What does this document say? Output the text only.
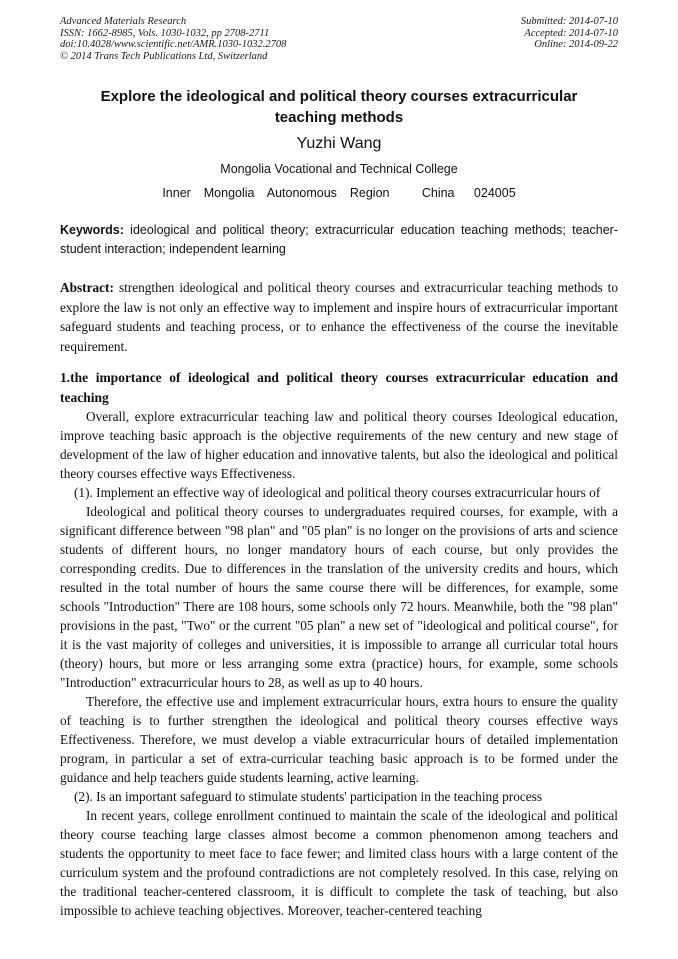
Advanced Materials Research
ISSN: 1662-8985, Vols. 1030-1032, pp 2708-2711
doi:10.4028/www.scientific.net/AMR.1030-1032.2708
© 2014 Trans Tech Publications Ltd, Switzerland
Submitted: 2014-07-10
Accepted: 2014-07-10
Online: 2014-09-22
Explore the ideological and political theory courses extracurricular teaching methods
Yuzhi Wang
Mongolia Vocational and Technical College
Inner  Mongolia  Autonomous  Region     China   024005

Keywords: ideological and political theory; extracurricular education teaching methods; teacher-student interaction; independent learning

Abstract: strengthen ideological and political theory courses and extracurricular teaching methods to explore the law is not only an effective way to implement and inspire hours of extracurricular important safeguard students and teaching process, or to enhance the effectiveness of the course the inevitable requirement.

1.the importance of ideological and political theory courses extracurricular education and teaching

Overall, explore extracurricular teaching law and political theory courses Ideological education, improve teaching basic approach is the objective requirements of the new century and new stage of development of the law of higher education and innovative talents, but also the ideological and political theory courses effective ways Effectiveness.

(1). Implement an effective way of ideological and political theory courses extracurricular hours of

Ideological and political theory courses to undergraduates required courses, for example, with a significant difference between "98 plan" and "05 plan" is no longer on the provisions of arts and science students of different hours, no longer mandatory hours of each course, but only provides the corresponding credits. Due to differences in the translation of the university credits and hours, which resulted in the total number of hours the same course there will be differences, for example, some schools "Introduction" There are 108 hours, some schools only 72 hours. Meanwhile, both the "98 plan" provisions in the past, "Two" or the current "05 plan" a new set of "ideological and political course", for it is the vast majority of colleges and universities, it is impossible to arrange all curricular total hours (theory) hours, but more or less arranging some extra (practice) hours, for example, some schools "Introduction" extracurricular hours to 28, as well as up to 40 hours.

Therefore, the effective use and implement extracurricular hours, extra hours to ensure the quality of teaching is to further strengthen the ideological and political theory courses effective ways Effectiveness. Therefore, we must develop a viable extracurricular hours of detailed implementation program, in particular a set of extra-curricular teaching basic approach is to be formed under the guidance and help teachers guide students learning, active learning.

(2). Is an important safeguard to stimulate students' participation in the teaching process

In recent years, college enrollment continued to maintain the scale of the ideological and political theory course teaching large classes almost become a common phenomenon among teachers and students the opportunity to meet face to face fewer; and limited class hours with a large content of the curriculum system and the profound contradictions are not completely resolved. In this case, relying on the traditional teacher-centered classroom, it is difficult to complete the task of teaching, but also impossible to achieve teaching objectives. Moreover, teacher-centered teaching
